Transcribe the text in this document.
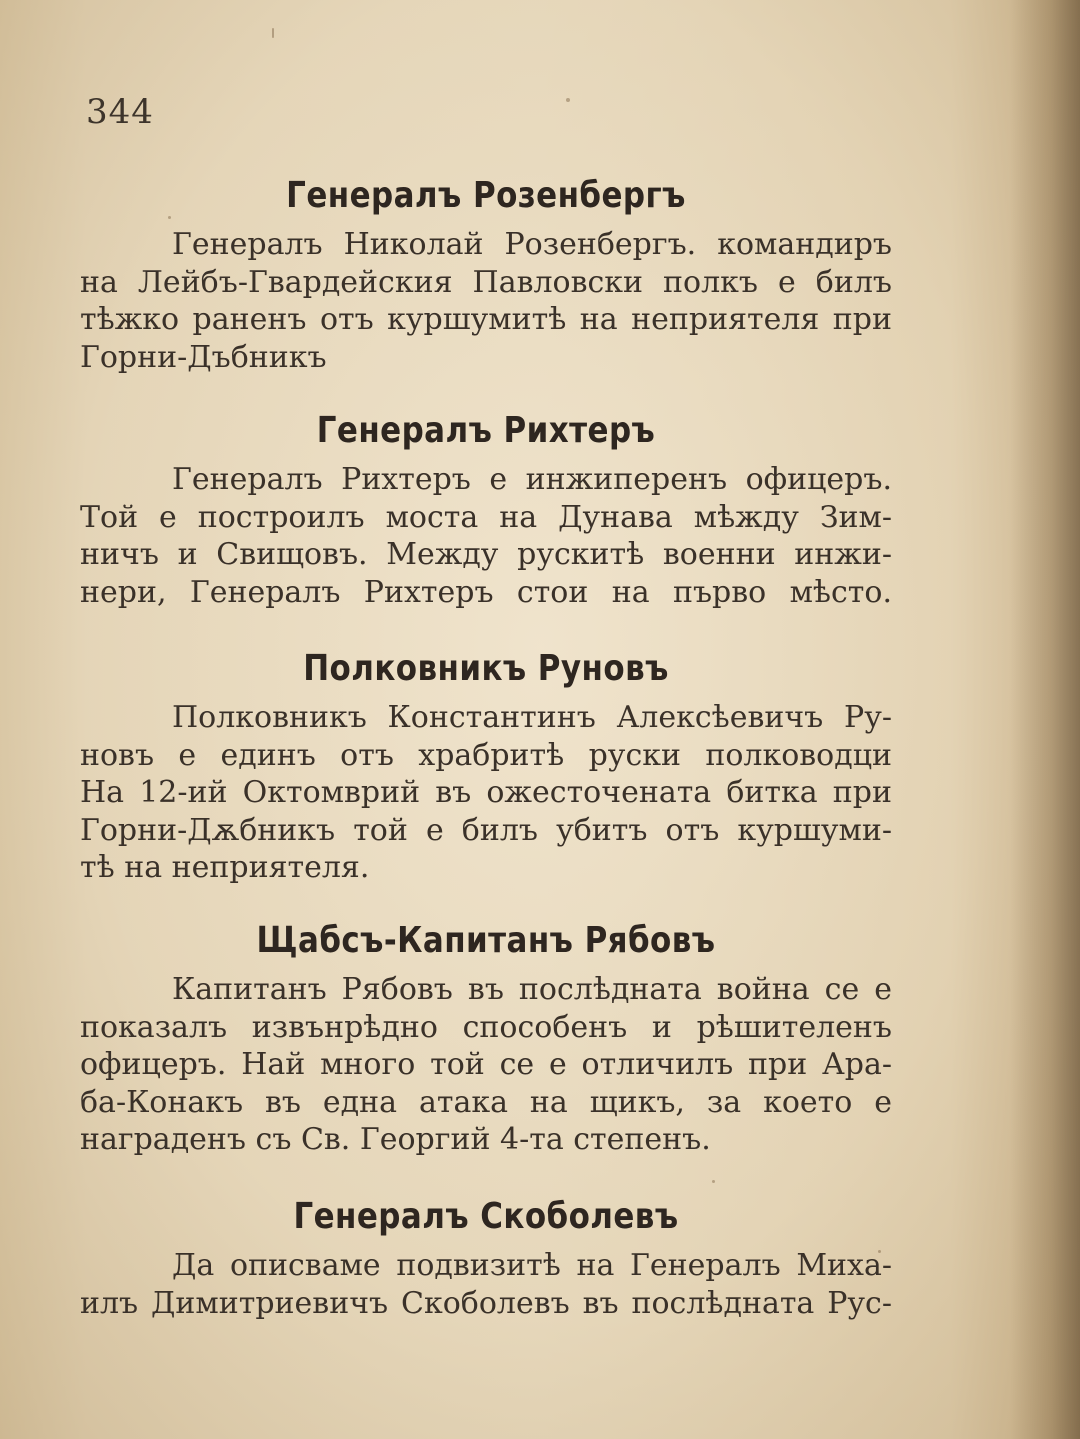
344
Генералъ Розенбергъ
Генералъ Николай Розенбергъ. командиръ
на Лейбъ-Гвардейския Павловски полкъ е билъ
тѣжко раненъ отъ куршумитѣ на неприятеля при
Горни-Дъбникъ
Генералъ Рихтеръ
Генералъ Рихтеръ е инжиперенъ офицеръ.
Той е построилъ моста на Дунава мѣжду Зим-
ничъ и Свищовъ. Между рускитѣ военни инжи-
нери, Генералъ Рихтеръ стои на първо мѣсто.
Полковникъ Руновъ
Полковникъ Константинъ Алексѣевичъ Ру-
новъ е единъ отъ храбритѣ руски полководци
На 12-ий Октомврий въ ожесточената битка при
Горни-Дѫбникъ той е билъ убитъ отъ куршуми-
тѣ на неприятеля.
Щабсъ-Капитанъ Рябовъ
Капитанъ Рябовъ въ послѣдната война се е
показалъ извънрѣдно способенъ и рѣшителенъ
офицеръ. Най много той се е отличилъ при Ара-
ба-Конакъ въ една атака на щикъ, за което е
награденъ съ Св. Георгий 4-та степенъ.
Генералъ Скоболевъ
Да описваме подвизитѣ на Генералъ Миха-
илъ Димитриевичъ Скоболевъ въ послѣдната Рус-
